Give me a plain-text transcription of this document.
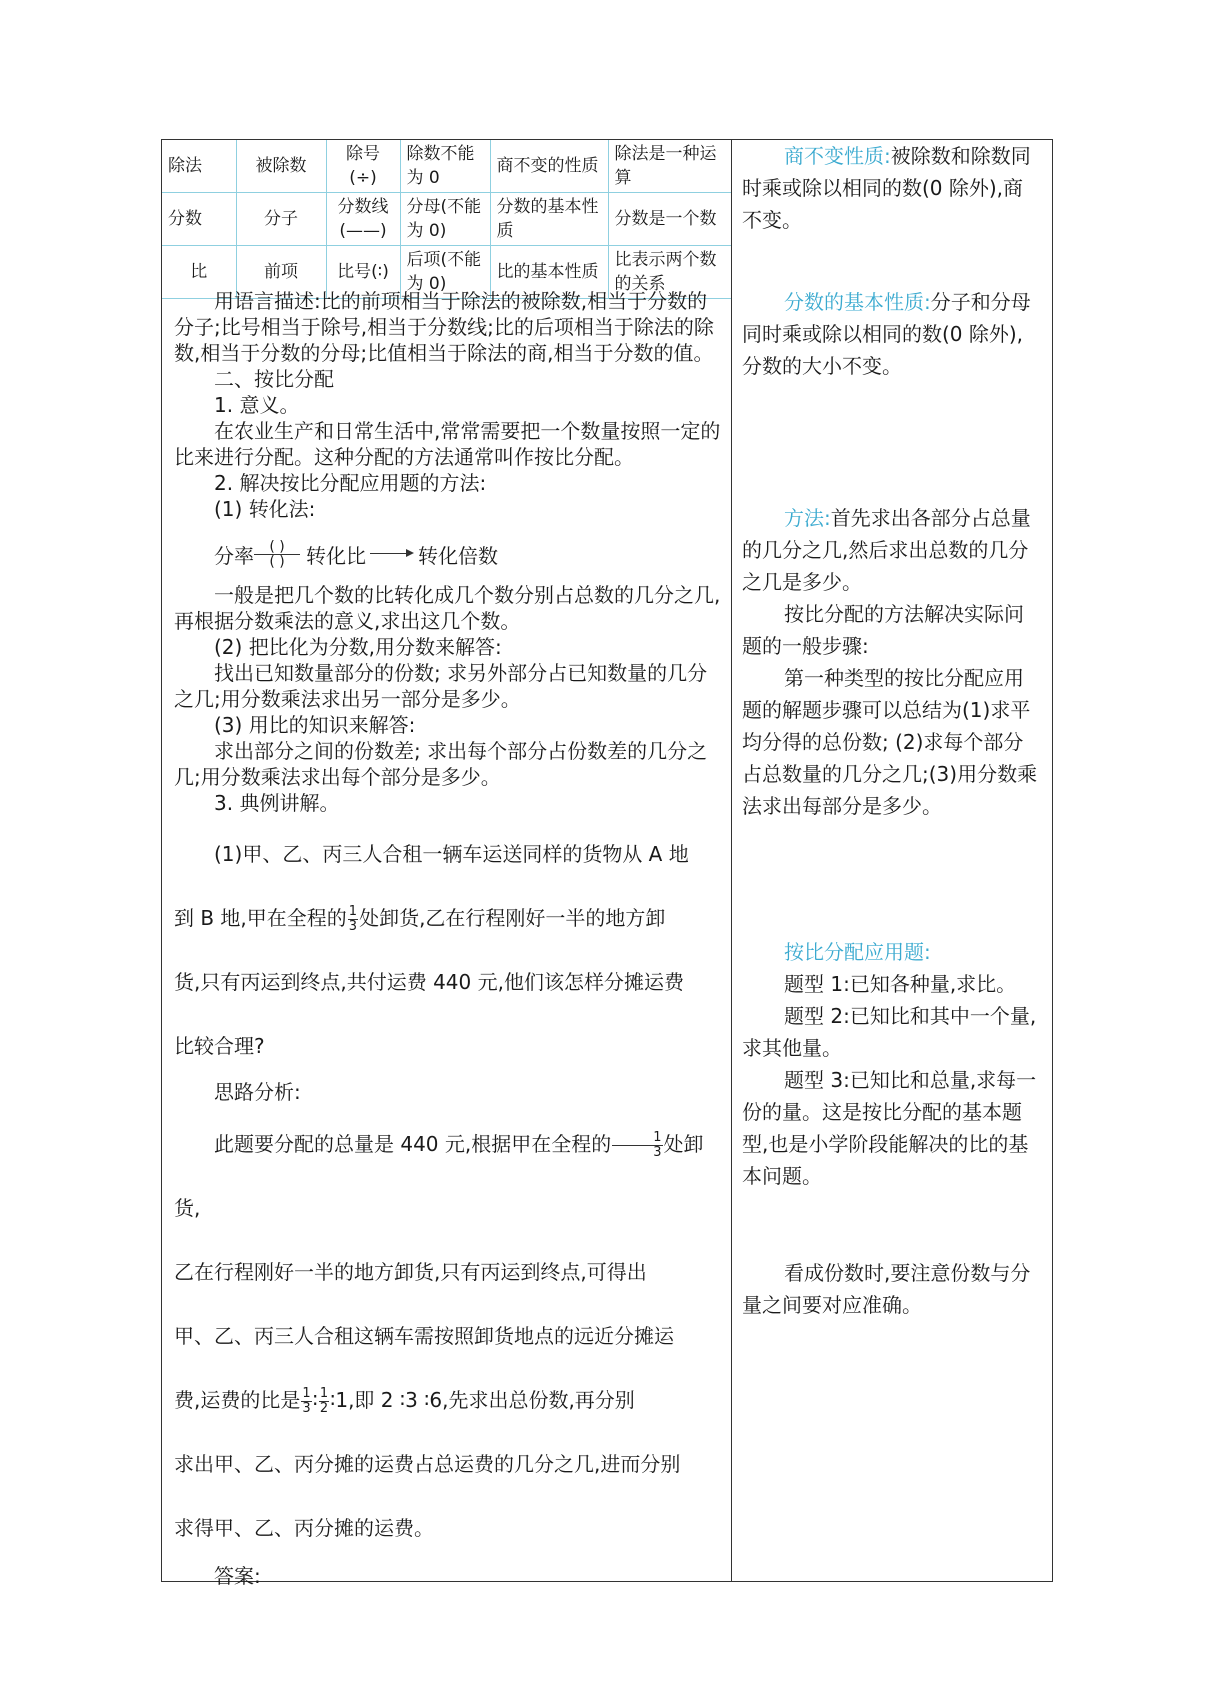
除法	被除数	除号(÷)	除数不能为 0	商不变的性质	除法是一种运算
分数	分子	分数线(——)	分母(不能为 0)	分数的基本性质	分数是一个数
比	前项	比号(∶)	后项(不能为 0)	比的基本性质	比表示两个数的关系

用语言描述:比的前项相当于除法的被除数,相当于分数的分子;比号相当于除号,相当于分数线;比的后项相当于除法的除数,相当于分数的分母;比值相当于除法的商,相当于分数的值。

二、按比分配

1. 意义。

在农业生产和日常生活中,常常需要把一个数量按照一定的比来进行分配。这种分配的方法通常叫作按比分配。

2. 解决按比分配应用题的方法:

(1) 转化法:

分率 ( )
( ) 转化比	转化倍数

一般是把几个数的比转化成几个数分别占总数的几分之几,再根据分数乘法的意义,求出这几个数。

(2) 把比化为分数,用分数来解答:

找出已知数量部分的份数; 求另外部分占已知数量的几分之几;用分数乘法求出另一部分是多少。

(3) 用比的知识来解答:

求出部分之间的份数差; 求出每个部分占份数差的几分之几;用分数乘法求出每个部分是多少。

3. 典例讲解。

(1)甲、乙、丙三人合租一辆车运送同样的货物从 A 地

到 B 地,甲在全程的 $\frac{1}{3}$ 处卸货,乙在行程刚好一半的地方卸

货,只有丙运到终点,共付运费 440 元,他们该怎样分摊运费

比较合理?

思路分析:

此题要分配的总量是 440 元,根据甲在全程的 $\frac{1}{3}$ 处卸货,

乙在行程刚好一半的地方卸货,只有丙运到终点,可得出

甲、乙、丙三人合租这辆车需按照卸货地点的远近分摊运

费,运费的比是 $\frac{1}{3}$ ∶ $\frac{1}{2}$ ∶1,即 2 ∶3 ∶6,先求出总份数,再分别

求出甲、乙、丙分摊的运费占总运费的几分之几,进而分别

求得甲、乙、丙分摊的运费。

答案:

商不变性质:被除数和除数同时乘或除以相同的数(0 除外),商不变。

分数的基本性质:分子和分母同时乘或除以相同的数(0 除外),分数的大小不变。

方法:首先求出各部分占总量的几分之几,然后求出总数的几分之几是多少。

按比分配的方法解决实际问题的一般步骤:

第一种类型的按比分配应用题的解题步骤可以总结为(1)求平均分得的总份数; (2)求每个部分占总数量的几分之几;(3)用分数乘法求出每部分是多少。

按比分配应用题:

题型 1:已知各种量,求比。

题型 2:已知比和其中一个量,求其他量。

题型 3:已知比和总量,求每一份的量。这是按比分配的基本题型,也是小学阶段能解决的比的基本问题。

看成份数时,要注意份数与分量之间要对应准确。
